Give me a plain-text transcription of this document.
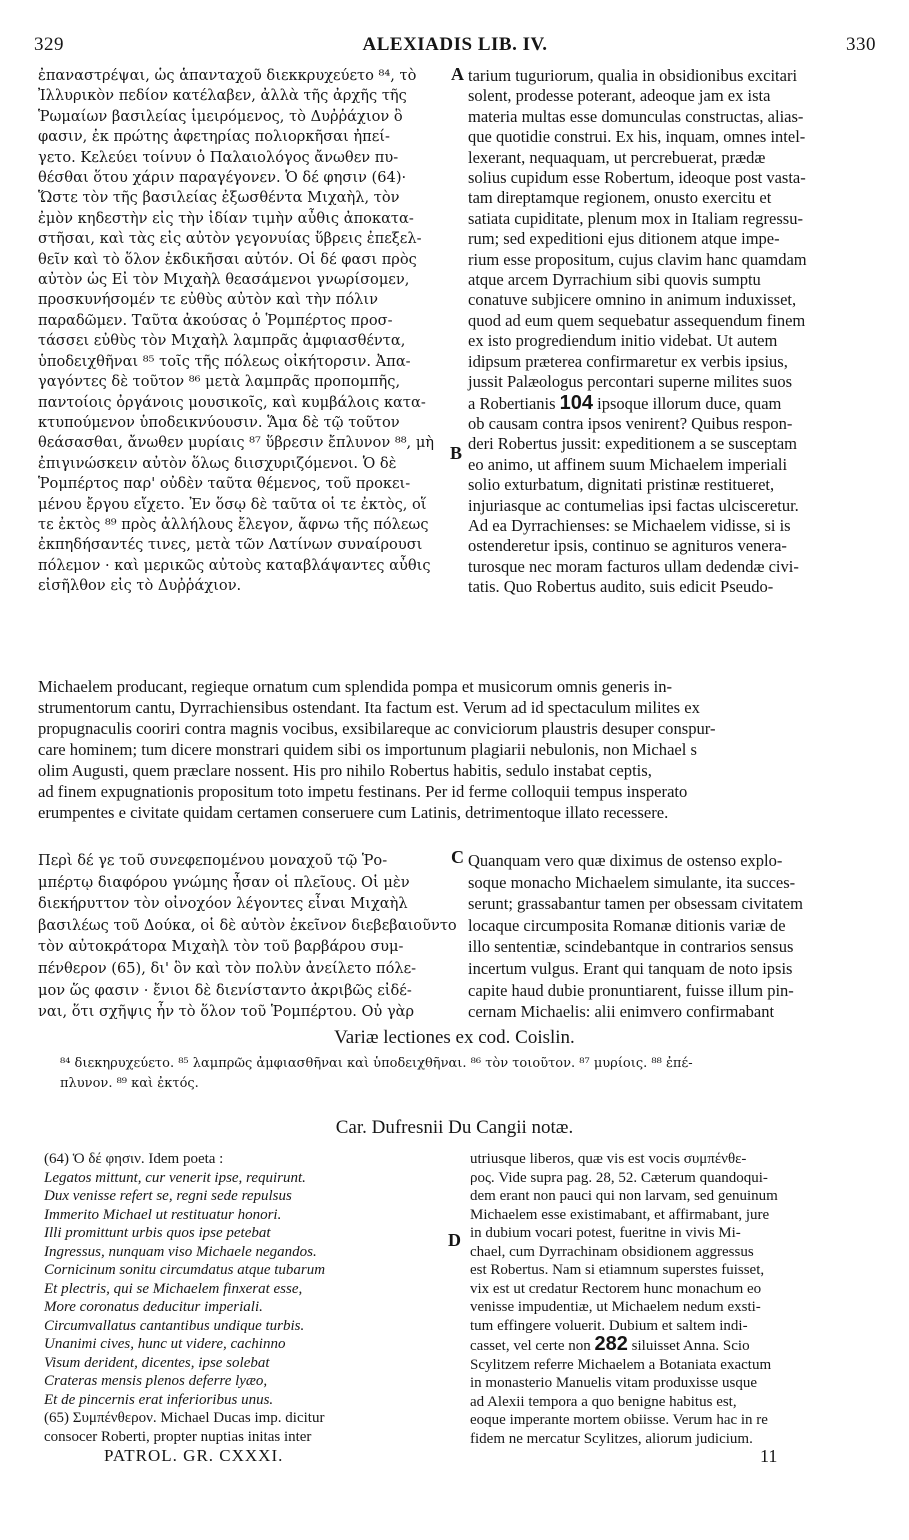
329	ALEXIADIS LIB. IV.	330
A
B
C
D
ἐπαναστρέψαι, ὡς ἁπανταχοῦ διεκκρυχεύετο ⁸⁴, τὸ
Ἰλλυρικὸν πεδίον κατέλαβεν, ἀλλὰ τῆς ἀρχῆς τῆς
Ῥωμαίων βασιλείας ἱμειρόμενος, τὸ Δυῤῥάχιον ὃ
φασιν, ἐκ πρώτης ἀφετηρίας πολιορκῆσαι ἠπεί-
γετο. Κελεύει τοίνυν ὁ Παλαιολόγος ἄνωθεν πυ-
θέσθαι ὅτου χάριν παραγέγονεν. Ὁ δέ φησιν (64)·
Ὥστε τὸν τῆς βασιλείας ἐξωσθέντα Μιχαὴλ, τὸν
ἐμὸν κηδεστὴν εἰς τὴν ἰδίαν τιμὴν αὖθις ἀποκατα-
στῆσαι, καὶ τὰς εἰς αὐτὸν γεγονυίας ὕβρεις ἐπεξελ-
θεῖν καὶ τὸ ὅλον ἐκδικῆσαι αὐτόν. Οἱ δέ φασι πρὸς
αὐτὸν ὡς Εἰ τὸν Μιχαὴλ θεασάμενοι γνωρίσομεν,
προσκυνήσομέν τε εὐθὺς αὐτὸν καὶ τὴν πόλιν
παραδῶμεν. Ταῦτα ἀκούσας ὁ Ῥομπέρτος προσ-
τάσσει εὐθὺς τὸν Μιχαὴλ λαμπρᾶς ἀμφιασθέντα,
ὑποδειχθῆναι ⁸⁵ τοῖς τῆς πόλεως οἰκήτορσιν. Ἀπα-
γαγόντες δὲ τοῦτον ⁸⁶ μετὰ λαμπρᾶς προπομπῆς,
παντοίοις ὀργάνοις μουσικοῖς, καὶ κυμβάλοις κατα-
κτυπούμενον ὑποδεικνύουσιν. Ἅμα δὲ τῷ τοῦτον
θεάσασθαι, ἄνωθεν μυρίαις ⁸⁷ ὕβρεσιν ἔπλυνον ⁸⁸, μὴ
ἐπιγινώσκειν αὐτὸν ὅλως διισχυριζόμενοι. Ὁ δὲ
Ῥομπέρτος παρ' οὐδὲν ταῦτα θέμενος, τοῦ προκει-
μένου ἔργου εἴχετο. Ἐν ὅσῳ δὲ ταῦτα οἱ τε ἐκτὸς, οἵ
τε ἐκτὸς ⁸⁹ πρὸς ἀλλήλους ἔλεγον, ἄφνω τῆς πόλεως
ἐκπηδήσαντές τινες, μετὰ τῶν Λατίνων συναίρουσι
πόλεμον · καὶ μερικῶς αὐτοὺς καταβλάψαντες αὖθις
εἰσῆλθον εἰς τὸ Δυῤῥάχιον.
tarium tuguriorum, qualia in obsidionibus excitari
solent, prodesse poterant, adeoque jam ex ista
materia multas esse domunculas constructas, alias-
que quotidie construi. Ex his, inquam, omnes intel-
lexerant, nequaquam, ut percrebuerat, prædæ
solius cupidum esse Robertum, ideoque post vasta-
tam direptamque regionem, onusto exercitu et
satiata cupiditate, plenum mox in Italiam regressu-
rum; sed expeditioni ejus ditionem atque impe-
rium esse propositum, cujus clavim hanc quamdam
atque arcem Dyrrachium sibi quovis sumptu
conatuve subjicere omnino in animum induxisset,
quod ad eum quem sequebatur assequendum finem
ex isto progrediendum initio videbat. Ut autem
idipsum præterea confirmaretur ex verbis ipsius,
jussit Palæologus percontari superne milites suos
a Robertianis 104 ipsoque illorum duce, quam
ob causam contra ipsos venirent? Quibus respon-
deri Robertus jussit: expeditionem a se susceptam
eo animo, ut affinem suum Michaelem imperiali
solio exturbatum, dignitati pristinæ restitueret,
injuriasque ac contumelias ipsi factas ulcisceretur.
Ad ea Dyrrachienses: se Michaelem vidisse, si is
ostenderetur ipsis, continuo se agnituros venera-
turosque nec moram facturos ullam dedendæ civi-
tatis. Quo Robertus audito, suis edicit Pseudo-
Michaelem producant, regieque ornatum cum splendida pompa et musicorum omnis generis in-
strumentorum cantu, Dyrrachiensibus ostendant. Ita factum est. Verum ad id spectaculum milites ex
propugnaculis cooriri contra magnis vocibus, exsibilareque ac conviciorum plaustris desuper conspur-
care hominem; tum dicere monstrari quidem sibi os importunum plagiarii nebulonis, non Michael s
olim Augusti, quem præclare nossent. His pro nihilo Robertus habitis, sedulo instabat ceptis,
ad finem expugnationis propositum toto impetu festinans. Per id ferme colloquii tempus insperato
erumpentes e civitate quidam certamen conseruere cum Latinis, detrimentoque illato recessere.
Περὶ δέ γε τοῦ συνεφεπομένου μοναχοῦ τῷ Ῥο-
μπέρτῳ διαφόρου γνώμης ἦσαν οἱ πλεῖους. Οἱ μὲν
διεκήρυττον τὸν οἰνοχόον λέγοντες εἶναι Μιχαὴλ
βασιλέως τοῦ Δούκα, οἱ δὲ αὐτὸν ἐκεῖνον διεβεβαιοῦντο
τὸν αὐτοκράτορα Μιχαὴλ τὸν τοῦ βαρβάρου συμ-
πένθερον (65), δι' ὃν καὶ τὸν πολὺν ἀνείλετο πόλε-
μον ὥς φασιν · ἔνιοι δὲ διενίσταντο ἀκριβῶς εἰδέ-
ναι, ὅτι σχῆψις ἦν τὸ ὅλον τοῦ Ῥομπέρτου. Οὐ γὰρ
Quanquam vero quæ diximus de ostenso explo-
soque monacho Michaelem simulante, ita succes-
serunt; grassabantur tamen per obsessam civitatem
locaque circumposita Romanæ ditionis variæ de
illo sententiæ, scindebantque in contrarios sensus
incertum vulgus. Erant qui tanquam de noto ipsis
capite haud dubie pronuntiarent, fuisse illum pin-
cernam Michaelis: alii enimvero confirmabant
Variæ lectiones ex cod. Coislin.
⁸⁴ διεκηρυχεύετο. ⁸⁵ λαμπρῶς ἀμφιασθῆναι καὶ ὑποδειχθῆναι. ⁸⁶ τὸν τοιοῦτον. ⁸⁷ μυρίοις. ⁸⁸ ἐπέ-
πλυνον. ⁸⁹ καὶ ἐκτός.
Car. Dufresnii Du Cangii notæ.
(64) Ὁ δέ φησιν. Idem poeta :
Legatos mittunt, cur venerit ipse, requirunt.
Dux venisse refert se, regni sede repulsus
Immerito Michael ut restituatur honori.
Illi promittunt urbis quos ipse petebat
Ingressus, nunquam viso Michaele negandos.
Cornicinum sonitu circumdatus atque tubarum
Et plectris, qui se Michaelem finxerat esse,
More coronatus deducitur imperiali.
Circumvallatus cantantibus undique turbis.
Unanimi cives, hunc ut videre, cachinno
Visum derident, dicentes, ipse solebat
Crateras mensis plenos deferre lyæo,
Et de pincernis erat inferioribus unus.
(65) Συμπένθερον. Michael Ducas imp. dicitur
consocer Roberti, propter nuptias initas inter
utriusque liberos, quæ vis est vocis συμπένθε-
ρος. Vide supra pag. 28, 52. Cæterum quandoqui-
dem erant non pauci qui non larvam, sed genuinum
Michaelem esse existimabant, et affirmabant, jure
in dubium vocari potest, fueritne in vivis Mi-
chael, cum Dyrrachinam obsidionem aggressus
est Robertus. Nam si etiamnum superstes fuisset,
vix est ut credatur Rectorem hunc monachum eo
venisse impudentiæ, ut Michaelem nedum exsti-
tum effingere voluerit. Dubium et saltem indi-
casset, vel certe non 282 siluisset Anna. Scio
Scylitzem referre Michaelem a Botaniata exactum
in monasterio Manuelis vitam produxisse usque
ad Alexii tempora a quo benigne habitus est,
eoque imperante mortem obiisse. Verum hac in re
fidem ne mercatur Scylitzes, aliorum judicium.
PATROL. GR. CXXXI.	11
